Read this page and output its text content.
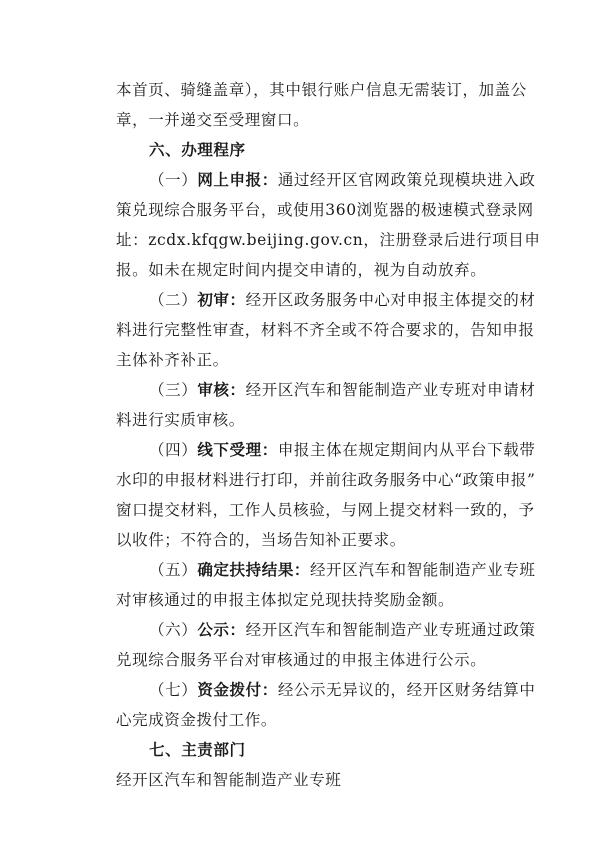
本首页、骑缝盖章），其中银行账户信息无需装订，加盖公
章，一并递交至受理窗口。
六、办理程序
（一）网上申报：通过经开区官网政策兑现模块进入政
策兑现综合服务平台，或使用360浏览器的极速模式登录网
址：zcdx.kfqgw.beijing.gov.cn，注册登录后进行项目申
报。如未在规定时间内提交申请的，视为自动放弃。
（二）初审：经开区政务服务中心对申报主体提交的材
料进行完整性审查，材料不齐全或不符合要求的，告知申报
主体补齐补正。
（三）审核：经开区汽车和智能制造产业专班对申请材
料进行实质审核。
（四）线下受理：申报主体在规定期间内从平台下载带
水印的申报材料进行打印，并前往政务服务中心“政策申报”
窗口提交材料，工作人员核验，与网上提交材料一致的，予
以收件；不符合的，当场告知补正要求。
（五）确定扶持结果：经开区汽车和智能制造产业专班
对审核通过的申报主体拟定兑现扶持奖励金额。
（六）公示：经开区汽车和智能制造产业专班通过政策
兑现综合服务平台对审核通过的申报主体进行公示。
（七）资金拨付：经公示无异议的，经开区财务结算中
心完成资金拨付工作。
七、主责部门
经开区汽车和智能制造产业专班
